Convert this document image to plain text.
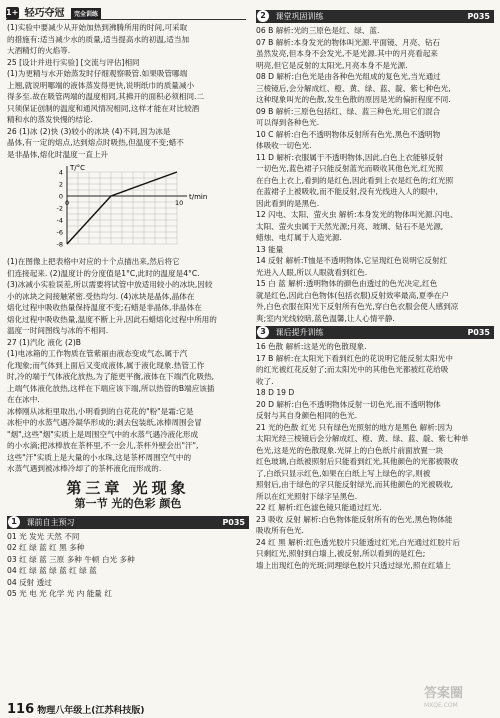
1+1 轻巧夺冠 完全训练

(1)实验中要减少从开始加热到沸腾所用的时间,可采取

的措施有:适当减少水的质量,适当提高水的初温,适当加

大酒精灯的火焰等.

25 [设计并进行实验] [交流与评估]相同

(1)为更精与水开始蒸发时仔细观察吸管.如果吸管哪端

上翘,就说明哪端的液体蒸发得更快,说明纸巾的质量减小

得多至.故在吸管两端的温度相同,其拂开的面积必须相同.二

只须保证创制的温度和通风情况相同,这样才能在对比较酒

精和水的蒸发快慢的结论.

26 (1)冰 (2)快 (3)较小的冰块 (4)不同,因为冰是

晶体,有一定的熔点,达到熔点时吸热,但温度不变;蜡不

是非晶体,熔化时温度一直上升

T/°C
t/min
4
2
0
-2
-4
-6
-8
0	10

(1)在图像上把表格中对应的十个点描出来,然后将它

们连接起来. (2)温度计的分度值是1°C,此时的温度是4°C.

(3)冰减小实验误差,所以需要将试管中放适用较小的冰块,因较

小的冰块之间接触紧密.受热均匀. (4)冰块是晶体,晶体在

熔化过程中吸收热量保持温度不变;石蜡是非晶体,非晶体在

熔化过程中吸收热量,温度不断上升,因此石蜡熔化过程中所用的

温度一时间图线与冰的不相同.

27 (1)汽化 液化 (2)B

(1)电冰箱的工作物质在管紫丽由液态变成气态,属于汽

化现象;而气体到上面后又变成液体,属于液化现象.热管工作

时,冷的端于气体液化放热,为了能更平衡,液体在下端汽化吸热,

上端气体液化放热,这样在下端应该下端,所以热管的B端应该插

在在冰中.

冰棒刚从冰柜里取出,小明看到的白花花的"粉"是霜:它是

冰柜中的水蒸气遇冷凝华形成的;剥去包装纸,冰棒周围会冒

"烟",这些"烟"实质上是周围空气中的水蒸气遇冷液化形成

的小水滴;把冰棒放在茶杯里,不一会儿,茶杯外壁会出"汗",

这些"汗"实质上是大量的小水珠,这是茶杯周围空气中的

水蒸气遇到被冰棒冷却了的茶杯液化而形成的.

第三章 光现象
第一节 光的色彩 颜色
1 课前自主预习	P035

01 光 发光 天然 不同

02 红 绿 蓝 红 黑 多种

03 红 绿 蓝 三原 多种 牛顿 白光 多种

04 红 绿 蓝 绿 蓝 红 绿 蓝

04 反射 透过

05 光 电 光 化学 光 内 能量 红

2 课堂巩固训练	P035

06 B 解析:光的三原色是红、绿、蓝.

07 B 解析:本身发光的物体叫光源.平面镜、月亮、钻石

虽然发亮,但本身不会发光,不是光源.其中的月亮看起来

明亮,但它是反射的太阳光,月亮本身不是光源.

08 D 解析:白色光是由各种色光组成的复色光,当光通过

三棱镜后,会分解成红、橙、黄、绿、蓝、靛、紫七种色光,

这种现象叫光的色散,发生色散的原因是光的偏折程度不同.

09 B 解析:三原色包括红、绿、蓝三种色光,用它们混合

可以得到各种色光.

10 C 解析:白色不透明物体反射所有色光,黑色不透明物

体吸收一切色光.

11 D 解析:衣服属于不透明物体,因此,白色上衣能够反射

一切色光,蓝色裙子只能反射蓝光而吸收其他色光,红光照

在白色上衣上,看到的是红色,因此看到上衣是红色的;红光照

在蓝裙子上被吸收,而不能反射,没有光线进入人的眼中,

因此看到的是黑色.

12 闪电、太阳、萤火虫 解析:本身发光的物体叫光源.闪电、

太阳、萤火虫属于天然光源;月亮、玻璃、钻石不是光源,

蜡烛、电灯属于人造光源.

13 能量

14 反射 解析:T恤是不透明物体,它呈现红色说明它反射红

光进入人眼,所以人眼就看到红色.

15 白 蓝 解析:透明物体的颜色由透过的色光决定,红色

就是红色,因此白色物体(包括衣服)反射效率最高,夏季在户

外,白色衣服在阳光下反射所有色光,穿白色衣服会使人感到凉

爽;室内光线较暗,蓝色温馨,让人心情平静.

3 课后提升训练	P035

16 色散 解析:这是光的色散现象.

17 B 解析:在太阳光下看到红色的花说明它能反射太阳光中

的红光被红花反射了;而太阳光中的其他色光都被红花给吸

收了.

18 D 19 D

20 D 解析:白色不透明物体反射一切色光,而不透明物体

反射与其自身颜色相同的色光.

21 光的色散 红光 只有绿色光照射的地方是黑色 解析:因为

太阳光经三棱镜后会分解成红、橙、黄、绿、蓝、靛、紫七种单

色光,这是光的色散现象.光屏上的白色纸片前面放置一块

红色玻璃,白纸被照射后只能看到红光,其他颜色的光都被吸收

了,白纸只显示红色,如果在白纸上写上绿色的字,则被

照射后,由于绿色的字只能反射绿光,而其他颜色的光被吸收,

所以在红光照射下绿字呈黑色.

22 红 解析:红色滤色镜只能通过红光.

23 吸收 反射 解析:白色物体能反射所有的色光,黑色物体能

吸收所有色光.

24 红 黑 解析:红色透光胶片只能透过红光,白光通过红胶片后

只剩红光,照射到白墙上,被反射,所以看到的是红色;

墙上出现红色的光斑;同理绿色胶片只透过绿光,照在红墙上

116 物理八年级上(江苏科技版)
答案圈
MXQE.COM
